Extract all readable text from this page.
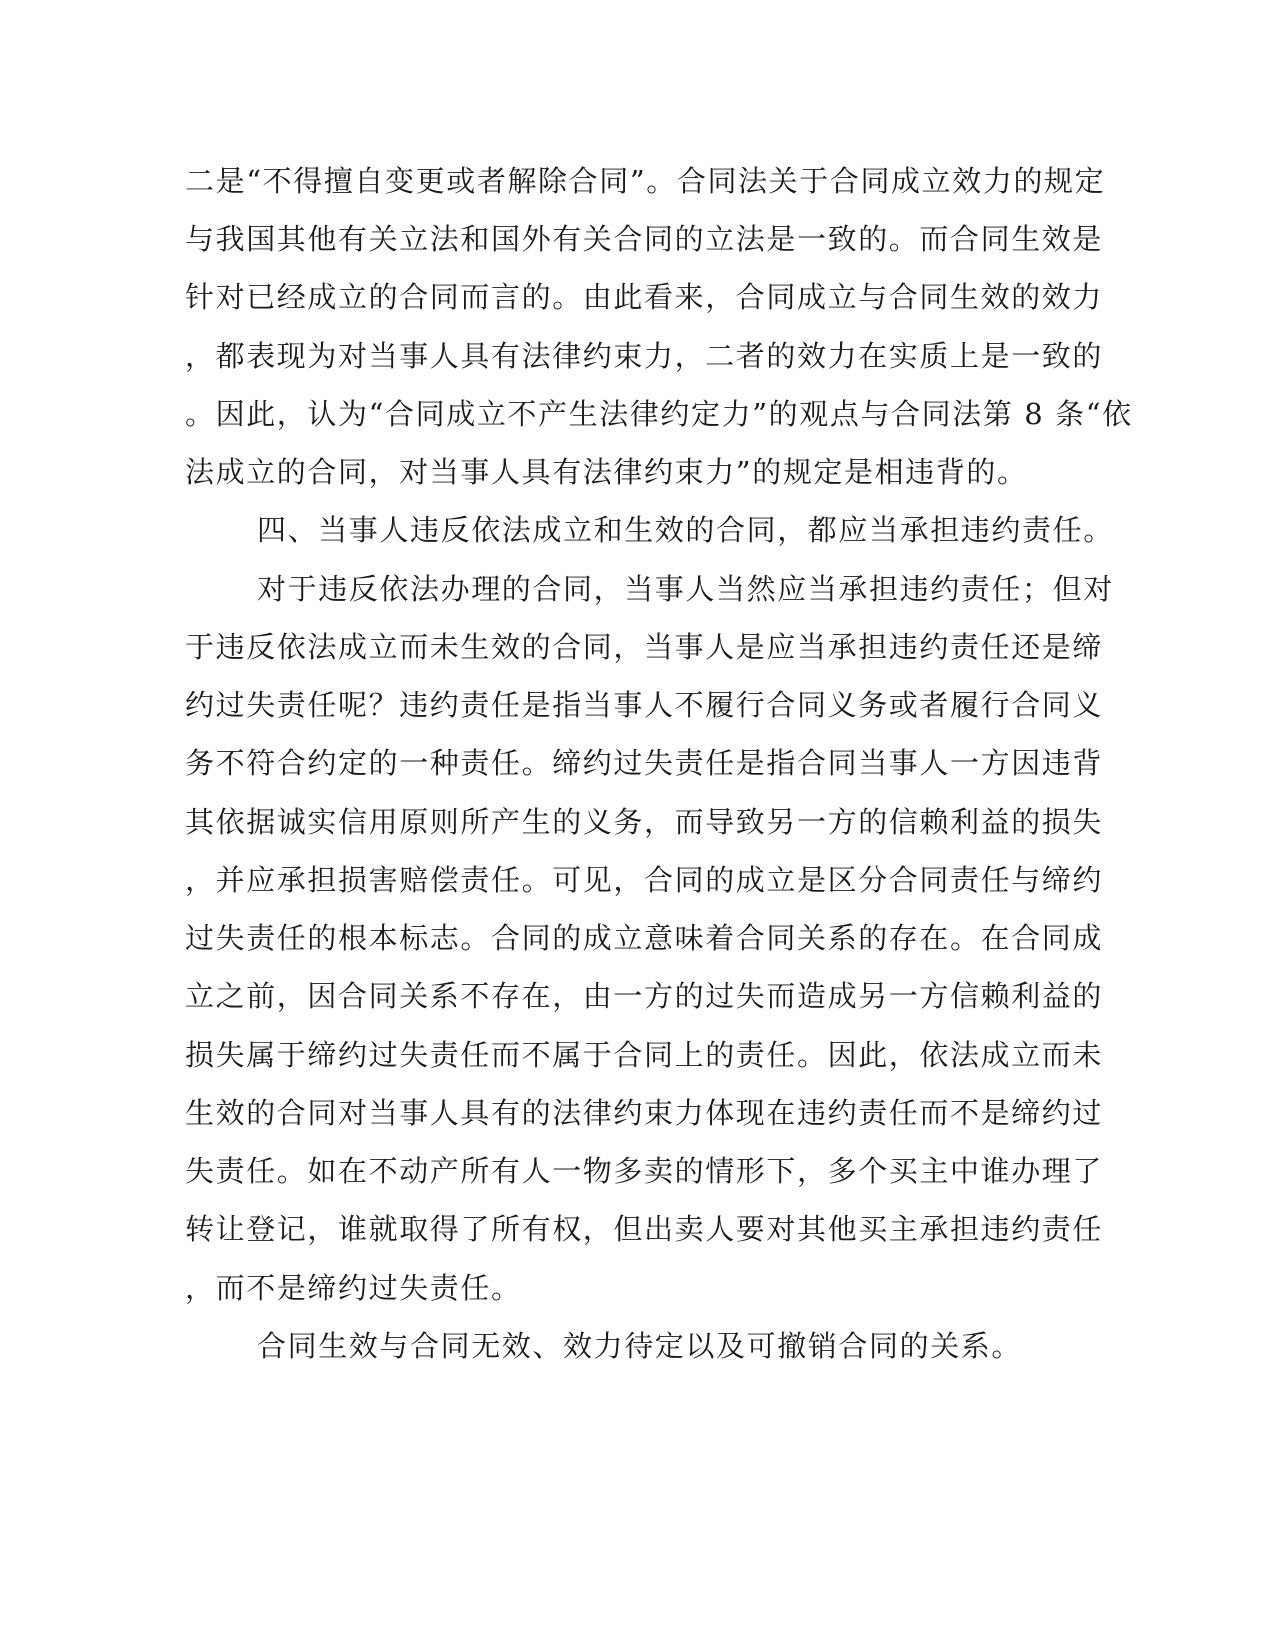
二是“不得擅自变更或者解除合同”。合同法关于合同成立效力的规定
与我国其他有关立法和国外有关合同的立法是一致的。而合同生效是
针对已经成立的合同而言的。由此看来，合同成立与合同生效的效力
，都表现为对当事人具有法律约束力，二者的效力在实质上是一致的
。因此，认为“合同成立不产生法律约定力”的观点与合同法第 8 条“依
法成立的合同，对当事人具有法律约束力”的规定是相违背的。
四、当事人违反依法成立和生效的合同，都应当承担违约责任。
对于违反依法办理的合同，当事人当然应当承担违约责任；但对
于违反依法成立而未生效的合同，当事人是应当承担违约责任还是缔
约过失责任呢？违约责任是指当事人不履行合同义务或者履行合同义
务不符合约定的一种责任。缔约过失责任是指合同当事人一方因违背
其依据诚实信用原则所产生的义务，而导致另一方的信赖利益的损失
，并应承担损害赔偿责任。可见，合同的成立是区分合同责任与缔约
过失责任的根本标志。合同的成立意味着合同关系的存在。在合同成
立之前，因合同关系不存在，由一方的过失而造成另一方信赖利益的
损失属于缔约过失责任而不属于合同上的责任。因此，依法成立而未
生效的合同对当事人具有的法律约束力体现在违约责任而不是缔约过
失责任。如在不动产所有人一物多卖的情形下，多个买主中谁办理了
转让登记，谁就取得了所有权，但出卖人要对其他买主承担违约责任
，而不是缔约过失责任。
合同生效与合同无效、效力待定以及可撤销合同的关系。
